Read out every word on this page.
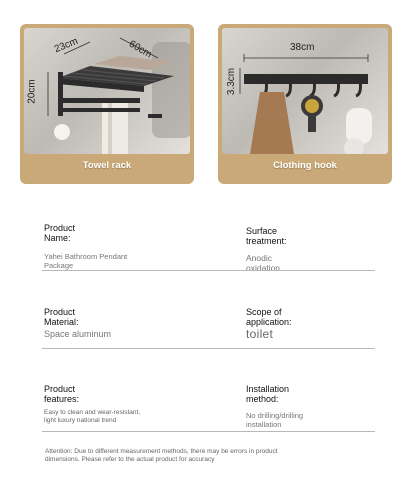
23cm	60cm
20cm
Towel rack
38cm
3.3cm
Clothing hook
Product
Name:
Yahei Bathroom Pendant
Package
Surface
treatment:
Anodic
oxidation
Product
Material:
Space aluminum
Scope of
application:
toilet
Product
features:
Easy to clean and wear-resistant,
light luxury national trend
Installation
method:
No drilling/drilling
installation
Attention: Due to different measurement methods, there may be errors in product
dimensions. Please refer to the actual product for accuracy
